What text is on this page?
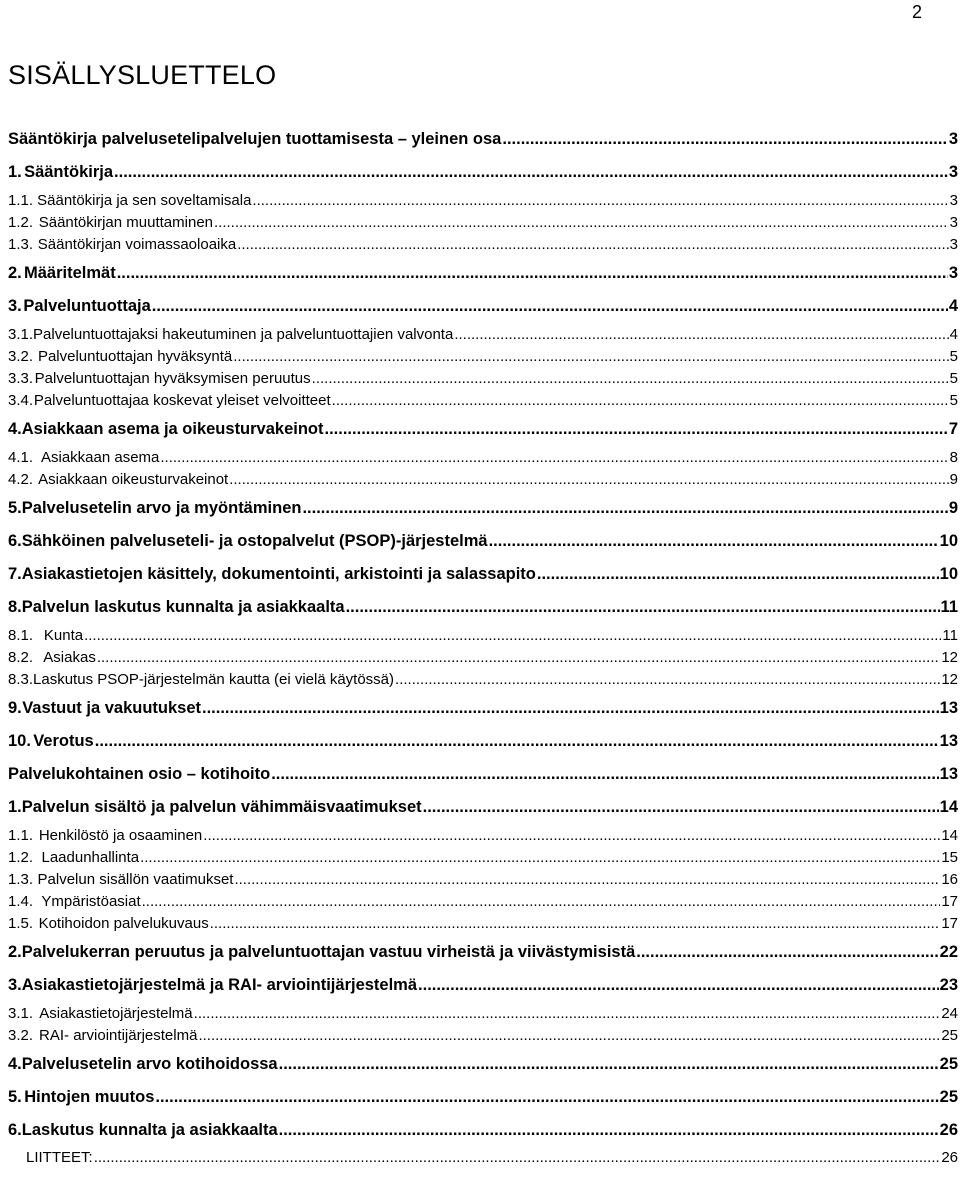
2
SISÄLLYSLUETTELO
Sääntökirja palvelusetelipalvelujen tuottamisesta – yleinen osa .....	3
1. Sääntökirja .....	3
1.1. Sääntökirja ja sen soveltamisala .....	3
1.2. Sääntökirjan muuttaminen .....	3
1.3. Sääntökirjan voimassaoloaika .....	3
2. Määritelmät .....	3
3. Palveluntuottaja .....	4
3.1. Palveluntuottajaksi hakeutuminen ja palveluntuottajien valvonta .....	4
3.2. Palveluntuottajan hyväksyntä .....	5
3.3. Palveluntuottajan hyväksymisen peruutus .....	5
3.4. Palveluntuottajaa koskevat yleiset velvoitteet .....	5
4. Asiakkaan asema ja oikeusturvakeinot .....	7
4.1. Asiakkaan asema .....	8
4.2. Asiakkaan oikeusturvakeinot .....	9
5. Palvelusetelin arvo ja myöntäminen .....	9
6. Sähköinen palveluseteli- ja ostopalvelut (PSOP)-järjestelmä .....	10
7. Asiakastietojen käsittely, dokumentointi, arkistointi ja salassapito .....	10
8. Palvelun laskutus kunnalta ja asiakkaalta .....	11
8.1. Kunta .....	11
8.2. Asiakas .....	12
8.3. Laskutus PSOP-järjestelmän kautta (ei vielä käytössä) .....	12
9. Vastuut ja vakuutukset .....	13
10. Verotus .....	13
Palvelukohtainen osio – kotihoito .....	13
1. Palvelun sisältö ja palvelun vähimmäisvaatimukset .....	14
1.1. Henkilöstö ja osaaminen .....	14
1.2. Laadunhallinta .....	15
1.3. Palvelun sisällön vaatimukset .....	16
1.4. Ympäristöasiat .....	17
1.5. Kotihoidon palvelukuvaus .....	17
2. Palvelukerran peruutus ja palveluntuottajan vastuu virheistä ja viivästymisistä .....	22
3. Asiakastietojärjestelmä ja RAI- arviointijärjestelmä .....	23
3.1. Asiakastietojärjestelmä .....	24
3.2. RAI- arviointijärjestelmä .....	25
4. Palvelusetelin arvo kotihoidossa .....	25
5. Hintojen muutos .....	25
6. Laskutus kunnalta ja asiakkaalta .....	26
LIITTEET: .....	26
